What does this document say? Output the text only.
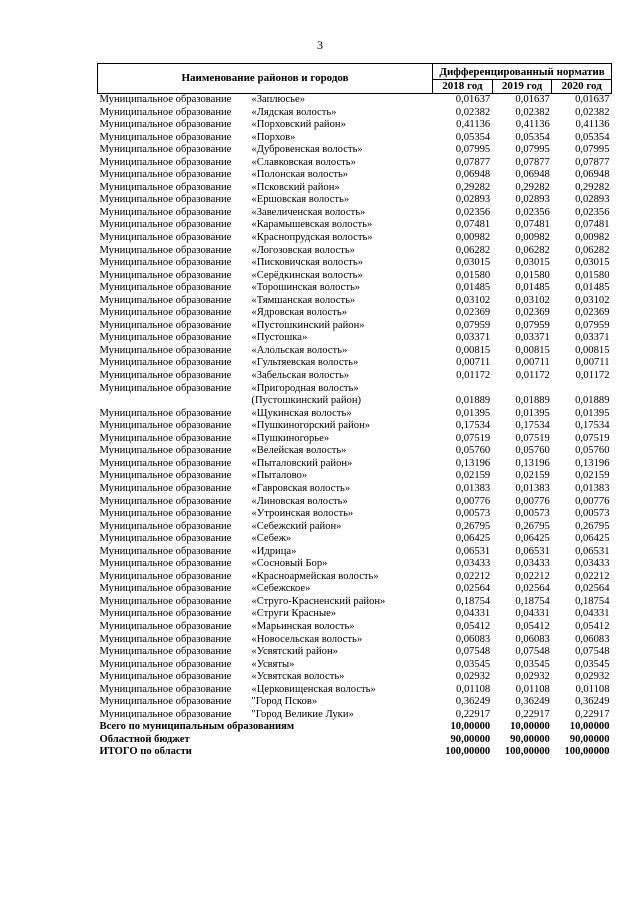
3
Наименование районов и городов		Дифференцированный норматив		
		2018 год	2019 год	2020 год
Муниципальное образование	«Заплюсье»	0,01637	0,01637	0,01637
Муниципальное образование	«Лядская волость»	0,02382	0,02382	0,02382
Муниципальное образование	«Порховский район»	0,41136	0,41136	0,41136
Муниципальное образование	«Порхов»	0,05354	0,05354	0,05354
Муниципальное образование	«Дубровенская волость»	0,07995	0,07995	0,07995
Муниципальное образование	«Славковская волость»	0,07877	0,07877	0,07877
Муниципальное образование	«Полонская волость»	0,06948	0,06948	0,06948
Муниципальное образование	«Псковский район»	0,29282	0,29282	0,29282
Муниципальное образование	«Ершовская волость»	0,02893	0,02893	0,02893
Муниципальное образование	«Завеличенская волость»	0,02356	0,02356	0,02356
Муниципальное образование	«Карамышевская волость»	0,07481	0,07481	0,07481
Муниципальное образование	«Краснопрудская волость»	0,00982	0,00982	0,00982
Муниципальное образование	«Логозовская волость»	0,06282	0,06282	0,06282
Муниципальное образование	«Писковичская волость»	0,03015	0,03015	0,03015
Муниципальное образование	«Серёдкинская волость»	0,01580	0,01580	0,01580
Муниципальное образование	«Торошинская волость»	0,01485	0,01485	0,01485
Муниципальное образование	«Тямшанская волость»	0,03102	0,03102	0,03102
Муниципальное образование	«Ядровская волость»	0,02369	0,02369	0,02369
Муниципальное образование	«Пустошкинский район»	0,07959	0,07959	0,07959
Муниципальное образование	«Пустошка»	0,03371	0,03371	0,03371
Муниципальное образование	«Алольская волость»	0,00815	0,00815	0,00815
Муниципальное образование	«Гультяевская волость»	0,00711	0,00711	0,00711
Муниципальное образование	«Забельская волость»	0,01172	0,01172	0,01172
Муниципальное образование	«Пригородная волость»			
	(Пустошкинский район)	0,01889	0,01889	0,01889
Муниципальное образование	«Щукинская волость»	0,01395	0,01395	0,01395
Муниципальное образование	«Пушкиногорский район»	0,17534	0,17534	0,17534
Муниципальное образование	«Пушкиногорье»	0,07519	0,07519	0,07519
Муниципальное образование	«Велейская волость»	0,05760	0,05760	0,05760
Муниципальное образование	«Пыталовский район»	0,13196	0,13196	0,13196
Муниципальное образование	«Пыталово»	0,02159	0,02159	0,02159
Муниципальное образование	«Гавровская волость»	0,01383	0,01383	0,01383
Муниципальное образование	«Линовская волость»	0,00776	0,00776	0,00776
Муниципальное образование	«Утроинская волость»	0,00573	0,00573	0,00573
Муниципальное образование	«Себежский район»	0,26795	0,26795	0,26795
Муниципальное образование	«Себеж»	0,06425	0,06425	0,06425
Муниципальное образование	«Идрица»	0,06531	0,06531	0,06531
Муниципальное образование	«Сосновый Бор»	0,03433	0,03433	0,03433
Муниципальное образование	«Красноармейская волость»	0,02212	0,02212	0,02212
Муниципальное образование	«Себежское»	0,02564	0,02564	0,02564
Муниципальное образование	«Струго-Красненский район»	0,18754	0,18754	0,18754
Муниципальное образование	«Струги Красные»	0,04331	0,04331	0,04331
Муниципальное образование	«Марьинская волость»	0,05412	0,05412	0,05412
Муниципальное образование	«Новосельская волость»	0,06083	0,06083	0,06083
Муниципальное образование	«Усвятский район»	0,07548	0,07548	0,07548
Муниципальное образование	«Усвяты»	0,03545	0,03545	0,03545
Муниципальное образование	«Усвятская волость»	0,02932	0,02932	0,02932
Муниципальное образование	«Церковищенская волость»	0,01108	0,01108	0,01108
Муниципальное образование	"Город Псков»	0,36249	0,36249	0,36249
Муниципальное образование	"Город Великие Луки»	0,22917	0,22917	0,22917
Всего по муниципальным образованиям		10,00000	10,00000	10,00000
Областной бюджет		90,00000	90,00000	90,00000
ИТОГО по области		100,00000	100,00000	100,00000
